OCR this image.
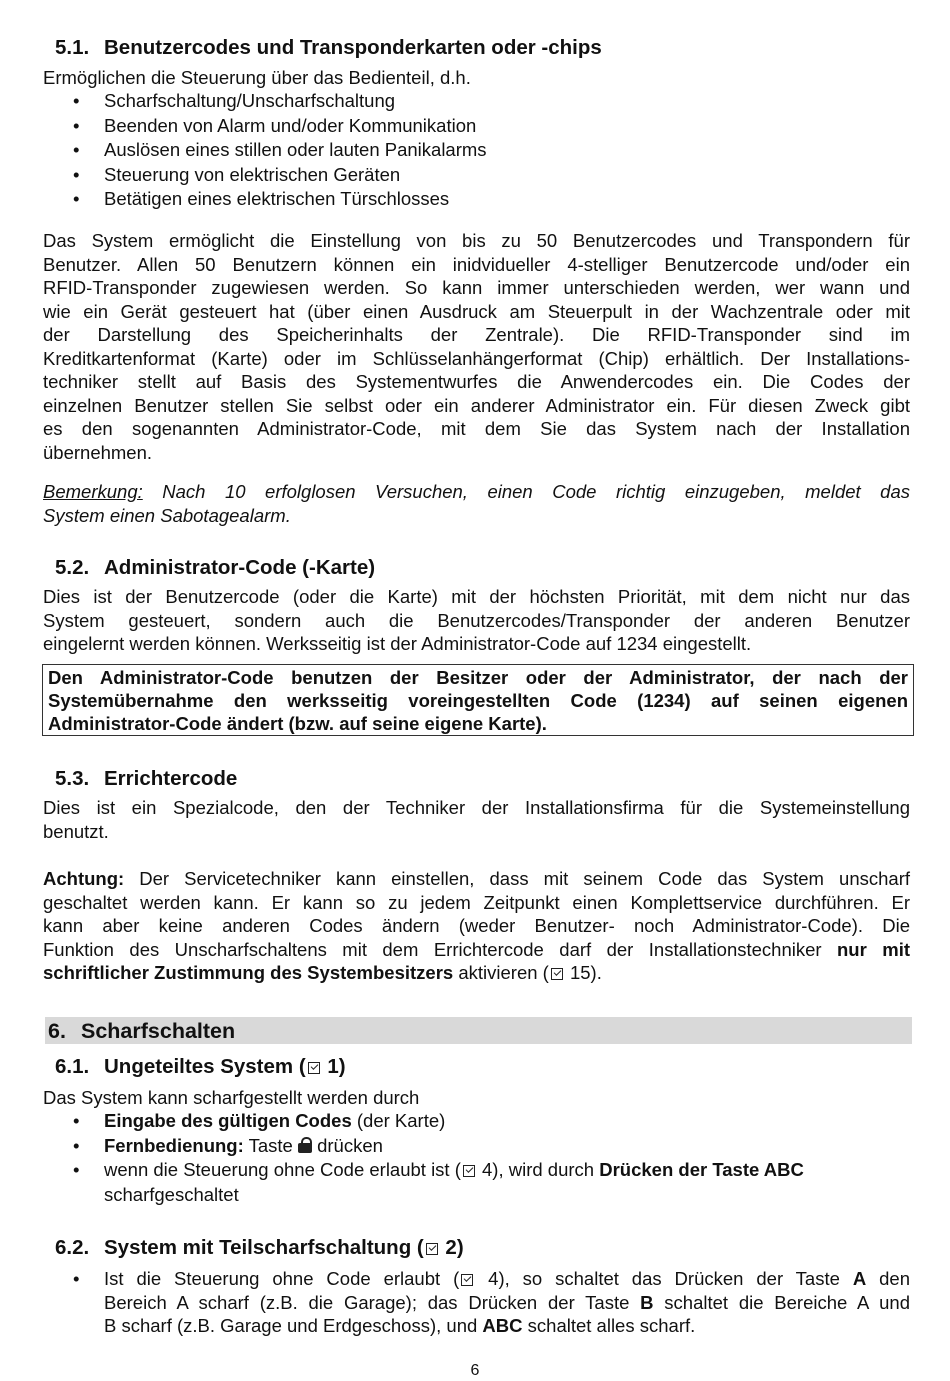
5.1. Benutzercodes und Transponderkarten oder -chips

Ermöglichen die Steuerung über das Bedienteil, d.h.

• Scharfschaltung/Unscharfschaltung
• Beenden von Alarm und/oder Kommunikation
• Auslösen eines stillen oder lauten Panikalarms
• Steuerung von elektrischen Geräten
• Betätigen eines elektrischen Türschlosses

Das System ermöglicht die Einstellung von bis zu 50 Benutzercodes und Transpondern für

Benutzer. Allen 50 Benutzern können ein inidvidueller 4-stelliger Benutzercode und/oder ein

RFID-Transponder zugewiesen werden. So kann immer unterschieden werden, wer wann und

wie ein Gerät gesteuert hat (über einen Ausdruck am Steuerpult in der Wachzentrale oder mit

der Darstellung des Speicherinhalts der Zentrale). Die RFID-Transponder sind im

Kreditkartenformat (Karte) oder im Schlüsselanhängerformat (Chip) erhältlich. Der Installations-

techniker stellt auf Basis des Systementwurfes die Anwendercodes ein. Die Codes der

einzelnen Benutzer stellen Sie selbst oder ein anderer Administrator ein. Für diesen Zweck gibt

es den sogenannten Administrator-Code, mit dem Sie das System nach der Installation

übernehmen.

Bemerkung: Nach 10 erfolglosen Versuchen, einen Code richtig einzugeben, meldet das

System einen Sabotagealarm.

5.2. Administrator-Code (-Karte)

Dies ist der Benutzercode (oder die Karte) mit der höchsten Priorität, mit dem nicht nur das

System gesteuert, sondern auch die Benutzercodes/Transponder der anderen Benutzer

eingelernt werden können. Werksseitig ist der Administrator-Code auf 1234 eingestellt.

Den Administrator-Code benutzen der Besitzer oder der Administrator, der nach der

Systemübernahme den werksseitig voreingestellten Code (1234) auf seinen eigenen

Administrator-Code ändert (bzw. auf seine eigene Karte).

5.3. Errichtercode

Dies ist ein Spezialcode, den der Techniker der Installationsfirma für die Systemeinstellung

benutzt.

Achtung: Der Servicetechniker kann einstellen, dass mit seinem Code das System unscharf

geschaltet werden kann. Er kann so zu jedem Zeitpunkt einen Komplettservice durchführen. Er

kann aber keine anderen Codes ändern (weder Benutzer- noch Administrator-Code). Die

Funktion des Unscharfschaltens mit dem Errichtercode darf der Installationstechniker nur mit

schriftlicher Zustimmung des Systembesitzers aktivieren ( 15).

6. Scharfschalten
6.1. Ungeteiltes System ( 1)

Das System kann scharfgestellt werden durch

• Eingabe des gültigen Codes (der Karte)
• Fernbedienung: Taste
drücken
• wenn die Steuerung ohne Code erlaubt ist ( 4), wird durch Drücken der Taste ABC
scharfgeschaltet
6.2. System mit Teilscharfschaltung ( 2)
• Ist die Steuerung ohne Code erlaubt ( 4), so schaltet das Drücken der Taste A den
Bereich A scharf (z.B. die Garage); das Drücken der Taste B schaltet die Bereiche A und
B scharf (z.B. Garage und Erdgeschoss), und ABC schaltet alles scharf.
6
